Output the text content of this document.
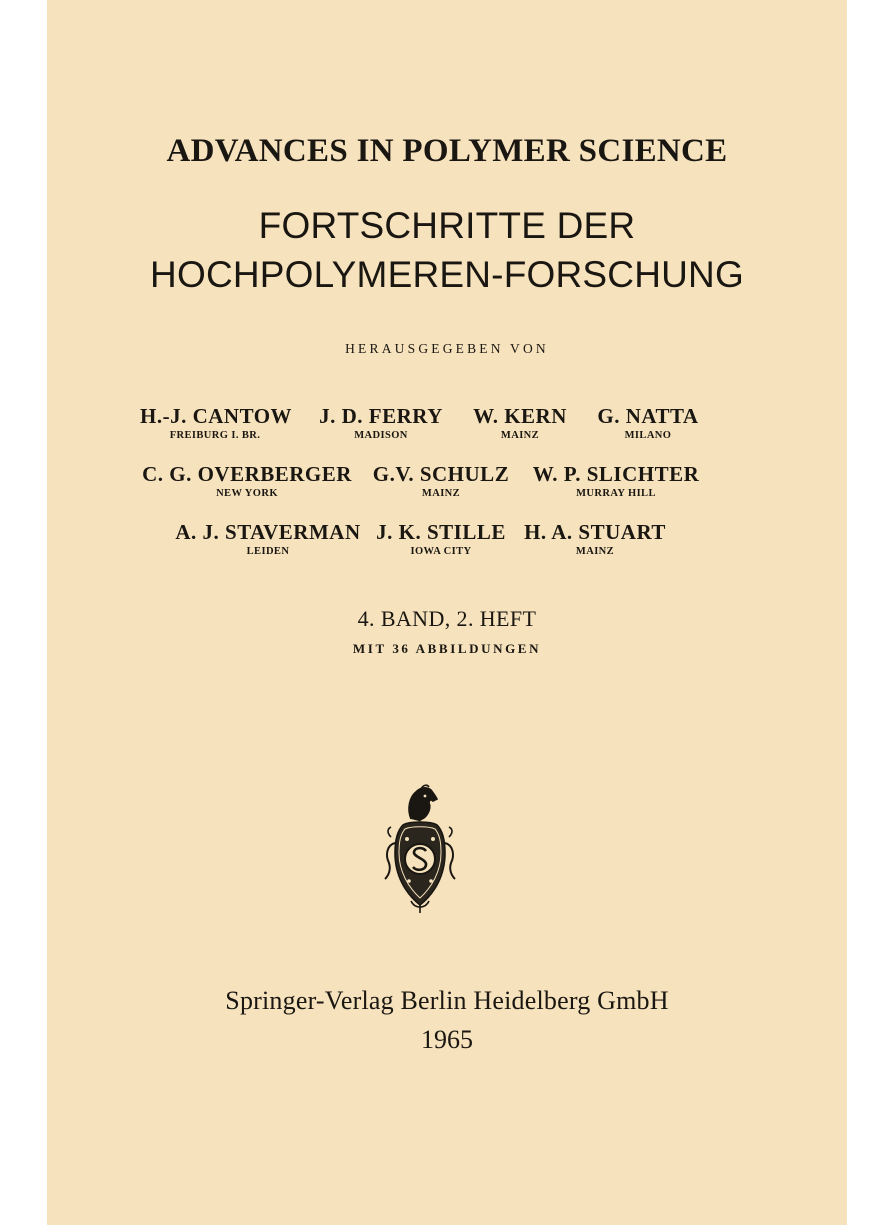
ADVANCES IN POLYMER SCIENCE
FORTSCHRITTE DER
HOCHPOLYMEREN-FORSCHUNG
HERAUSGEGEBEN VON
H.-J. CANTOW
FREIBURG I. BR.
J. D. FERRY
MADISON
W. KERN
MAINZ
G. NATTA
MILANO
C. G. OVERBERGER
NEW YORK
G.V. SCHULZ
MAINZ
W. P. SLICHTER
MURRAY HILL
A. J. STAVERMAN
LEIDEN
J. K. STILLE
IOWA CITY
H. A. STUART
MAINZ
4. BAND, 2. HEFT
MIT 36 ABBILDUNGEN
Springer-Verlag Berlin Heidelberg GmbH
1965
